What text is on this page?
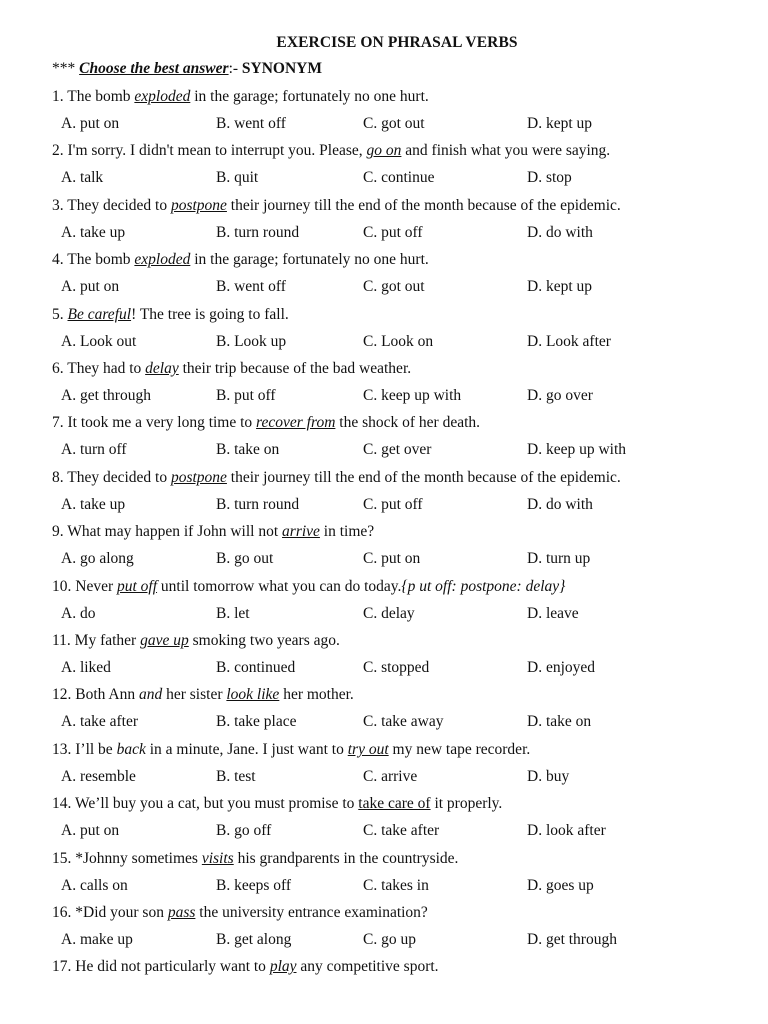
EXERCISE ON PHRASAL VERBS
*** Choose the best answer:- SYNONYM
1. The bomb exploded in the garage; fortunately no one hurt.
A. put on	B. went off	C. got out	D. kept up
2. I'm sorry. I didn't mean to interrupt you. Please, go on and finish what you were saying.
A. talk	B. quit	C. continue	D. stop
3. They decided to postpone their journey till the end of the month because of the epidemic.
A. take up	B. turn round	C. put off	D. do with
4. The bomb exploded in the garage; fortunately no one hurt.
A. put on	B. went off	C. got out	D. kept up
5. Be careful! The tree is going to fall.
A. Look out	B. Look up	C. Look on	D. Look after
6. They had to delay their trip because of the bad weather.
A. get through	B. put off	C. keep up with	D. go over
7. It took me a very long time to recover from the shock of her death.
A. turn off	B. take on	C. get over	D. keep up with
8. They decided to postpone their journey till the end of the month because of the epidemic.
A. take up	B. turn round	C. put off	D. do with
9. What may happen if John will not arrive in time?
A. go along	B. go out	C. put on	D. turn up
10. Never put off until tomorrow what you can do today.{p ut off: postpone: delay}
A. do	B. let	C. delay	D. leave
11. My father gave up smoking two years ago.
A. liked	B. continued	C. stopped	D. enjoyed
12. Both Ann and her sister look like her mother.
A. take after	B. take place	C. take away	D. take on
13. I’ll be back in a minute, Jane. I just want to try out my new tape recorder.
A. resemble	B. test	C. arrive	D. buy
14. We’ll buy you a cat, but you must promise to take care of it properly.
A. put on	B. go off	C. take after	D. look after
15. *Johnny sometimes visits his grandparents in the countryside.
A. calls on	B. keeps off	C. takes in	D. goes up
16. *Did your son pass the university entrance examination?
A. make up	B. get along	C. go up	D. get through
17. He did not particularly want to play any competitive sport.
